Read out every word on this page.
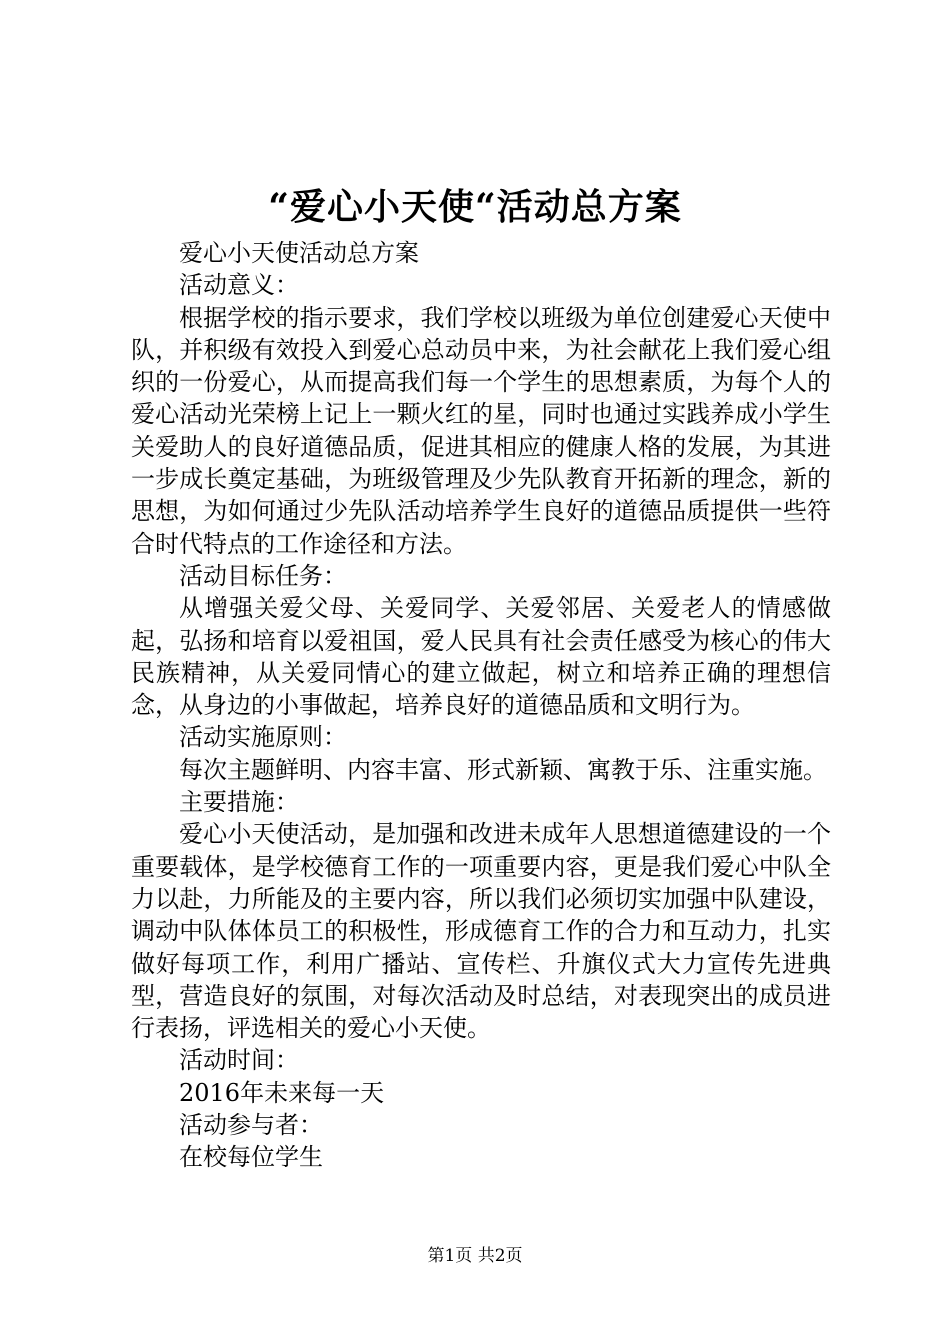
“爱心小天使“活动总方案

爱心小天使活动总方案

活动意义：

根据学校的指示要求，我们学校以班级为单位创建爱心天使中队，并积级有效投入到爱心总动员中来，为社会献花上我们爱心组织的一份爱心，从而提高我们每一个学生的思想素质，为每个人的爱心活动光荣榜上记上一颗火红的星，同时也通过实践养成小学生关爱助人的良好道德品质，促进其相应的健康人格的发展，为其进一步成长奠定基础，为班级管理及少先队教育开拓新的理念，新的思想，为如何通过少先队活动培养学生良好的道德品质提供一些符合时代特点的工作途径和方法。

活动目标任务：

从增强关爱父母、关爱同学、关爱邻居、关爱老人的情感做起，弘扬和培育以爱祖国，爱人民具有社会责任感受为核心的伟大民族精神，从关爱同情心的建立做起，树立和培养正确的理想信念，从身边的小事做起，培养良好的道德品质和文明行为。

活动实施原则：

每次主题鲜明、内容丰富、形式新颖、寓教于乐、注重实施。

主要措施：

爱心小天使活动，是加强和改进未成年人思想道德建设的一个重要载体，是学校德育工作的一项重要内容，更是我们爱心中队全力以赴，力所能及的主要内容，所以我们必须切实加强中队建设，调动中队体体员工的积极性，形成德育工作的合力和互动力，扎实做好每项工作，利用广播站、宣传栏、升旗仪式大力宣传先进典型，营造良好的氛围，对每次活动及时总结，对表现突出的成员进行表扬，评选相关的爱心小天使。

活动时间：

2016年未来每一天

活动参与者：

在校每位学生

第1页 共2页
